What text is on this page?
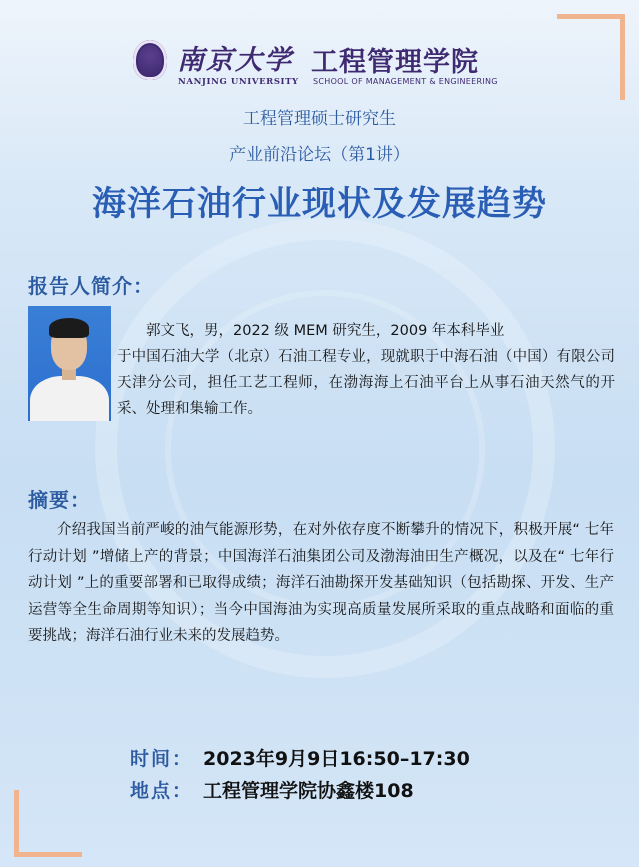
南京大学 工程管理学院
NANJING UNIVERSITY SCHOOL OF MANAGEMENT & ENGINEERING
工程管理硕士研究生
产业前沿论坛（第1讲）
海洋石油行业现状及发展趋势
报告人简介：
郭文飞，男，2022 级 MEM 研究生，2009 年本科毕业
于中国石油大学（北京）石油工程专业，现就职于中海石油（中国）有限公司天津分公司，担任工艺工程师，在渤海海上石油平台上从事石油天然气的开采、处理和集输工作。
摘要：
介绍我国当前严峻的油气能源形势，在对外依存度不断攀升的情况下，积极开展“ 七年行动计划 ”增储上产的背景；中国海洋石油集团公司及渤海油田生产概况，以及在“ 七年行动计划 ”上的重要部署和已取得成绩；海洋石油勘探开发基础知识（包括勘探、开发、生产运营等全生命周期等知识）；当今中国海油为实现高质量发展所采取的重点战略和面临的重要挑战；海洋石油行业未来的发展趋势。
时间： 2023年9月9日16:50–17:30
地点： 工程管理学院协鑫楼108
